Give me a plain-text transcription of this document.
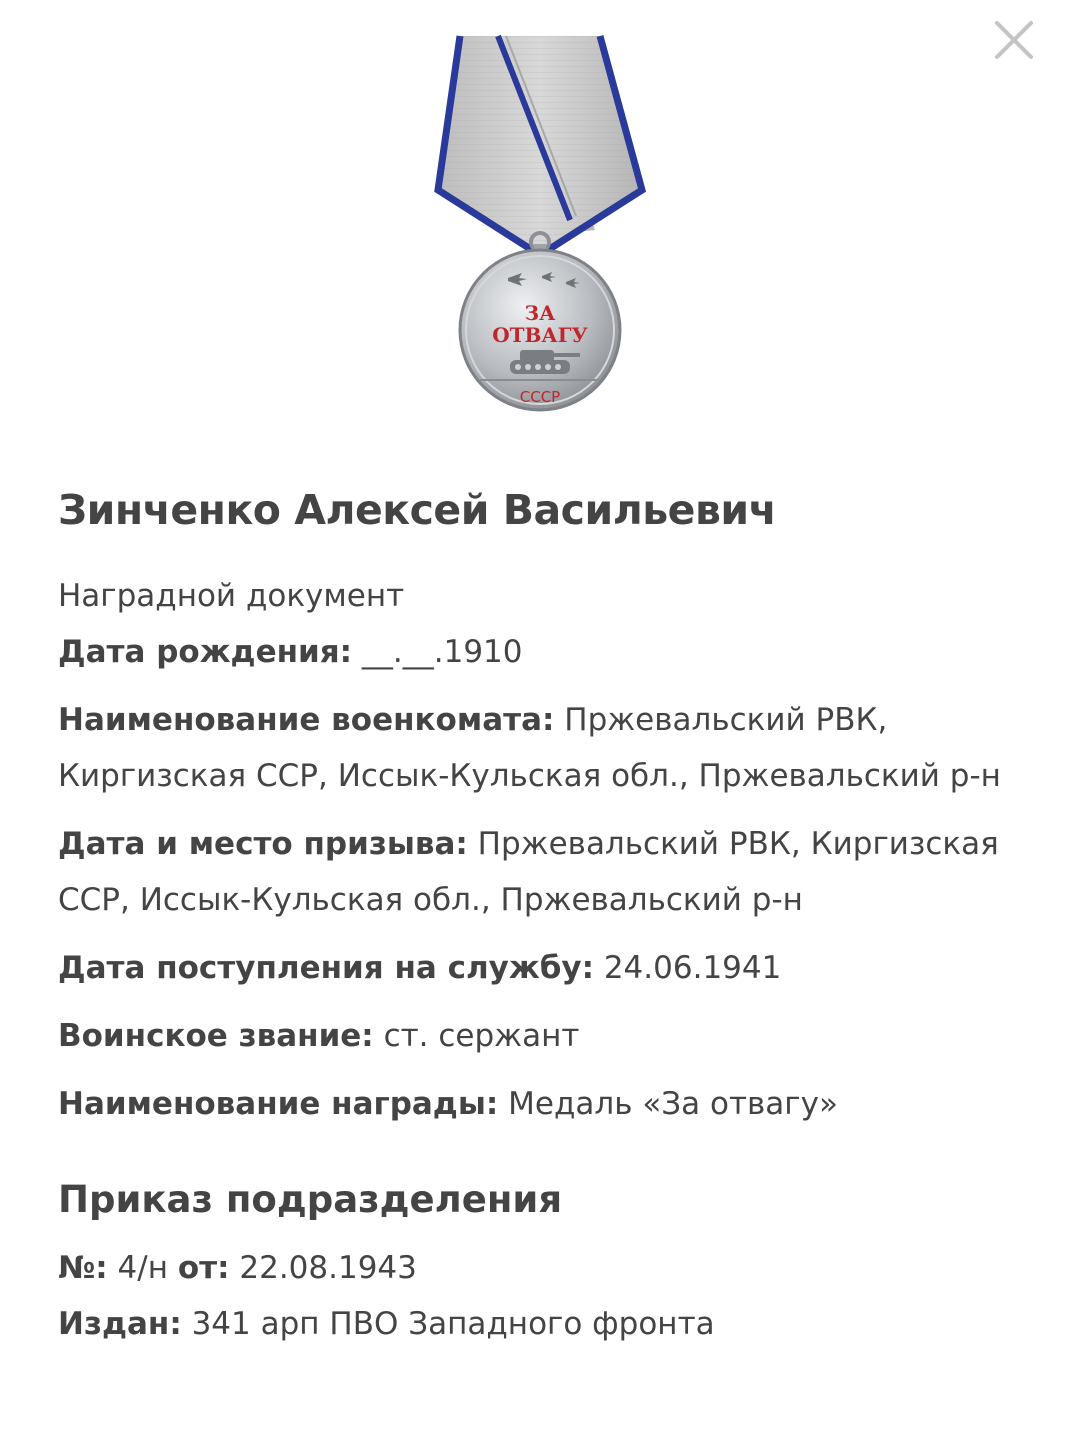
ЗА
ОТВАГУ
СССР
Зинченко Алексей Васильевич

Наградной документ

Дата рождения: __.__.1910

Наименование военкомата: Пржевальский РВК, Киргизская ССР, Иссык-Кульская обл., Пржевальский р-н

Дата и место призыва: Пржевальский РВК, Киргизская ССР, Иссык-Кульская обл., Пржевальский р-н

Дата поступления на службу: 24.06.1941

Воинское звание: ст. сержант

Наименование награды: Медаль «За отвагу»

Приказ подразделения

№: 4/н от: 22.08.1943

Издан: 341 арп ПВО Западного фронта
